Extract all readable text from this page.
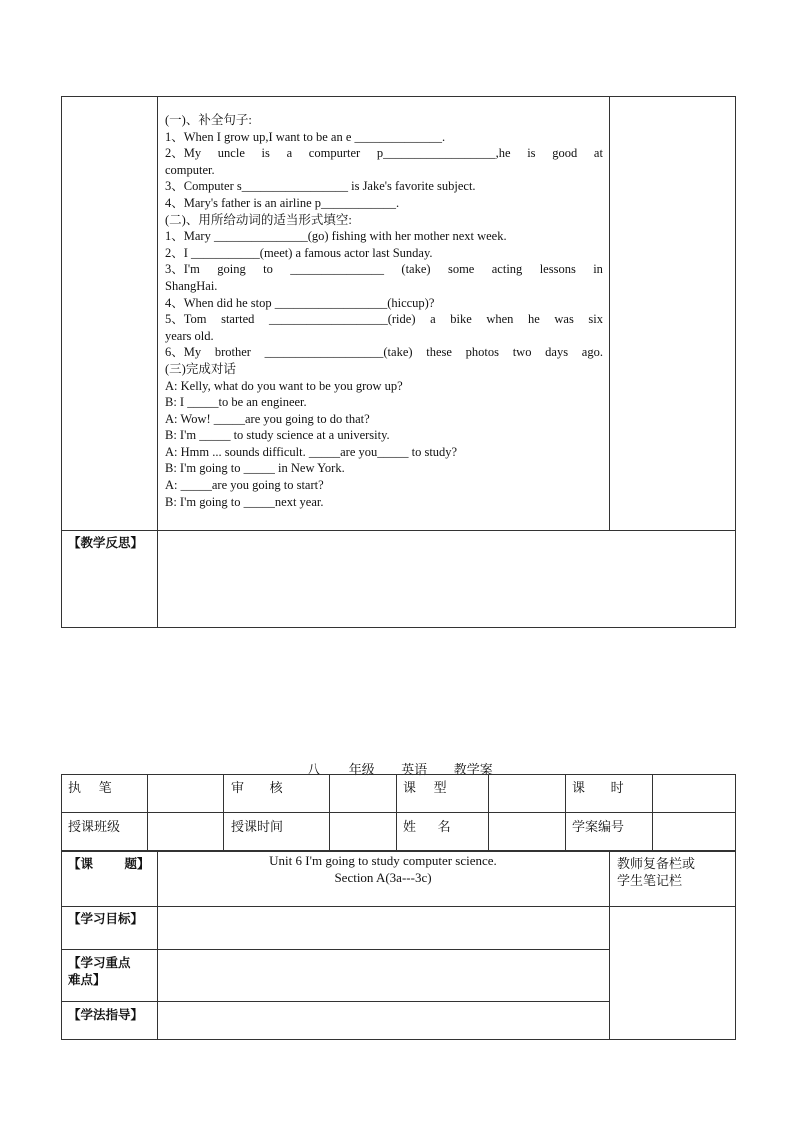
(一)、补全句子:
1、When I grow up,I want to be an e ______________.
2、My uncle is a compurter p__________________,he is good at
computer.
3、Computer s_________________ is Jake's favorite subject.
4、Mary's father is an airline p____________.
(二)、用所给动词的适当形式填空:
1、Mary _______________(go) fishing with her mother next week.
2、I ___________(meet) a famous actor last Sunday.
3、I'm going to _______________ (take) some acting lessons in
ShangHai.
4、When did he stop __________________(hiccup)?
5、Tom started ___________________(ride) a bike when he was six
years old.
6、My brother ___________________(take) these photos two days ago.
(三)完成对话
A: Kelly, what do you want to be you grow up?
B: I _____to be an engineer.
A: Wow! _____are you going to do that?
B: I'm _____ to study science at a university.
A: Hmm ... sounds difficult. _____are you_____ to study?
B: I'm going to _____ in New York.
A: _____are you going to start?
B: I'm going to _____next year.
【教学反思】
八 年级 英语 教学案
执 笔	审 核	课 型	课 时
授课班级	授课时间	姓 名	学案编号
【课 题】	Unit 6 I'm going to study computer science.
Section A(3a---3c)
教师复备栏或
学生笔记栏
【学习目标】
【学习重点
难点】
【学法指导】
